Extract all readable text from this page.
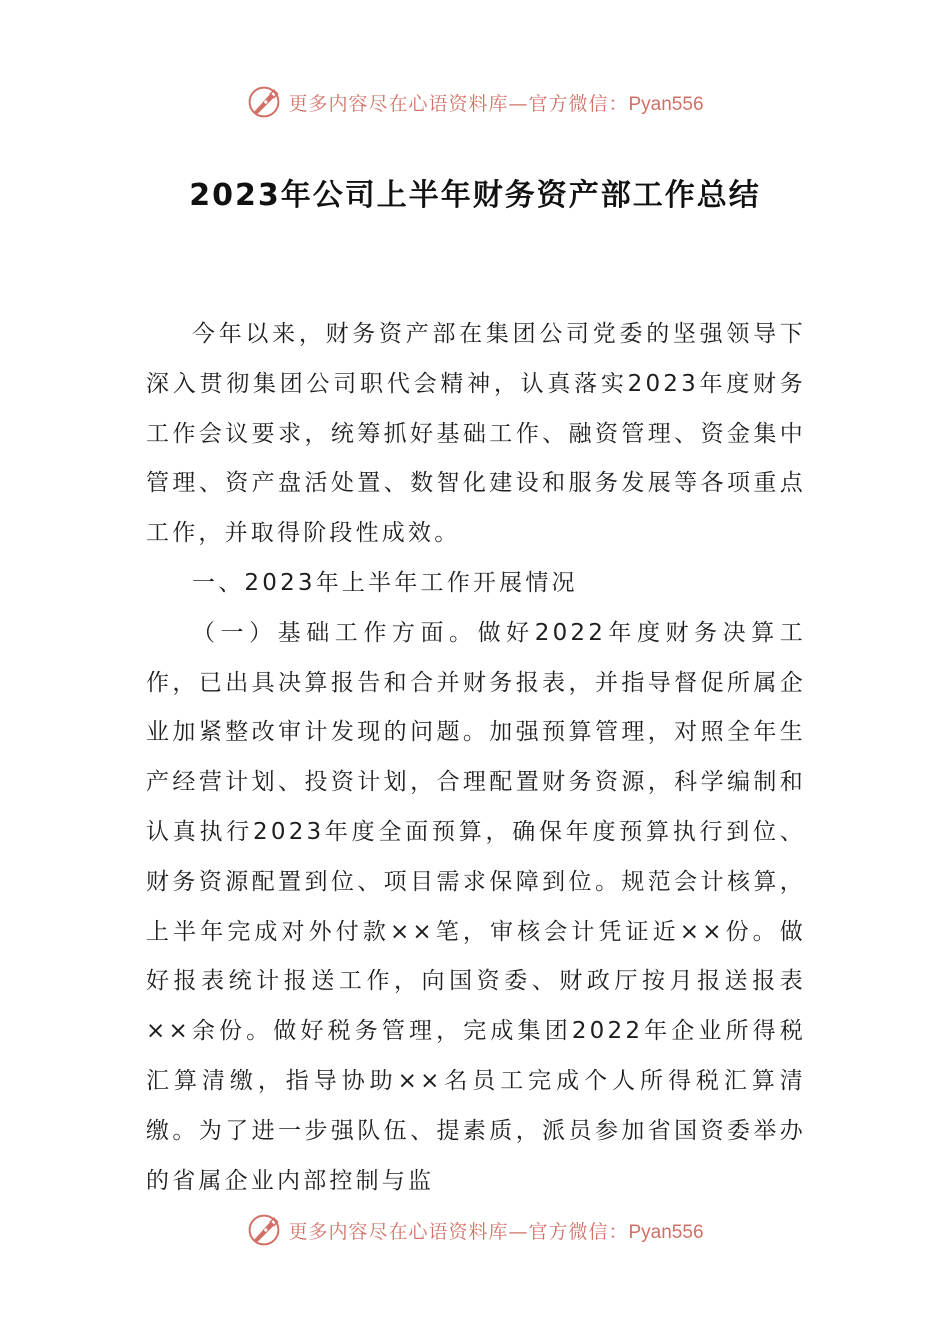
更多内容尽在心语资料库—官方微信：Pyan556
2023年公司上半年财务资产部工作总结

今年以来，财务资产部在集团公司党委的坚强领导下深入贯彻集团公司职代会精神，认真落实2023年度财务工作会议要求，统筹抓好基础工作、融资管理、资金集中管理、资产盘活处置、数智化建设和服务发展等各项重点工作，并取得阶段性成效。

一、2023年上半年工作开展情况

（一）基础工作方面。做好2022年度财务决算工作，已出具决算报告和合并财务报表，并指导督促所属企业加紧整改审计发现的问题。加强预算管理，对照全年生产经营计划、投资计划，合理配置财务资源，科学编制和认真执行2023年度全面预算，确保年度预算执行到位、财务资源配置到位、项目需求保障到位。规范会计核算，上半年完成对外付款××笔，审核会计凭证近××份。做好报表统计报送工作，向国资委、财政厅按月报送报表××余份。做好税务管理，完成集团2022年企业所得税汇算清缴，指导协助××名员工完成个人所得税汇算清缴。为了进一步强队伍、提素质，派员参加省国资委举办的省属企业内部控制与监

更多内容尽在心语资料库—官方微信：Pyan556
